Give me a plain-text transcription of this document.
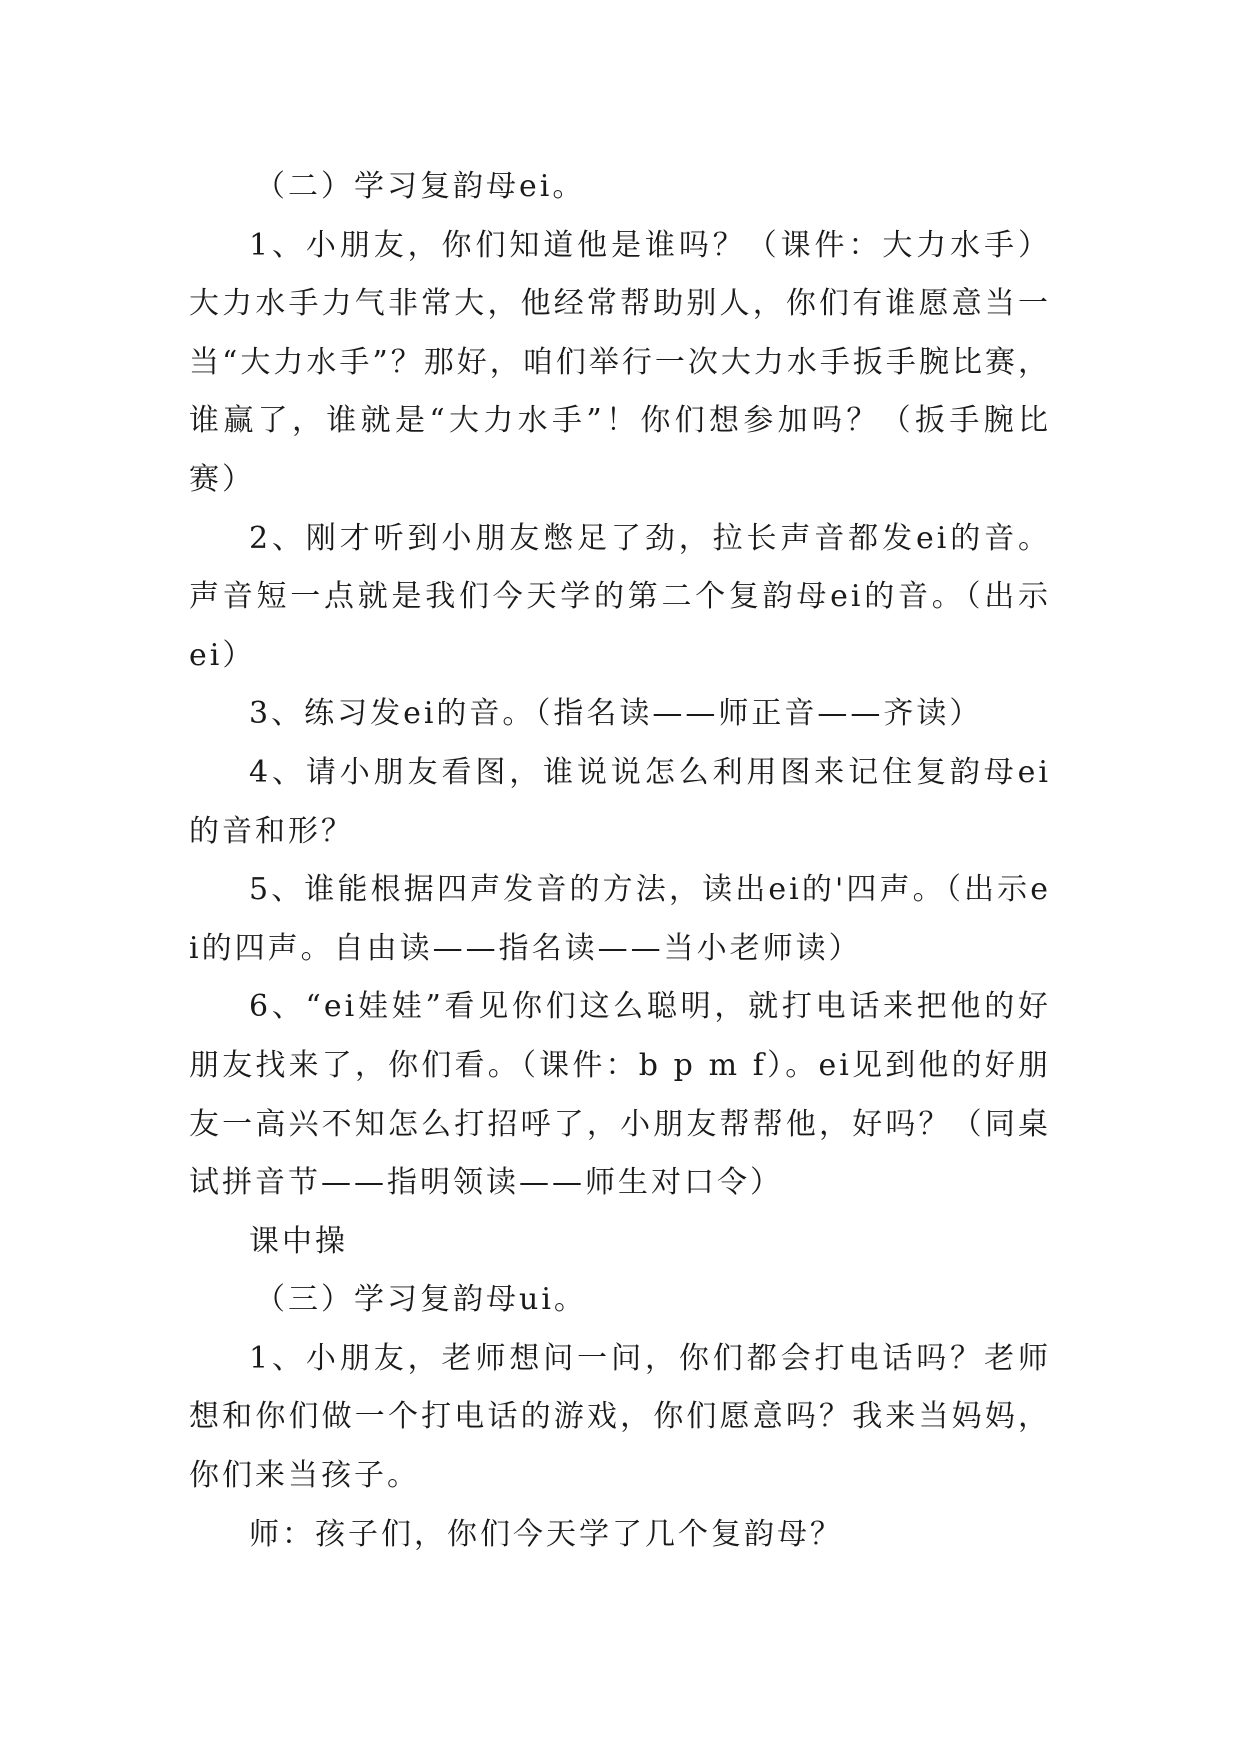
（二）学习复韵母ei。

1、小朋友，你们知道他是谁吗？（课件：大力水手）大力水手力气非常大，他经常帮助别人，你们有谁愿意当一当“大力水手”？那好，咱们举行一次大力水手扳手腕比赛，谁赢了，谁就是“大力水手”！你们想参加吗？（扳手腕比赛）

2、刚才听到小朋友憋足了劲，拉长声音都发ei的音。声音短一点就是我们今天学的第二个复韵母ei的音。（出示ei）

3、练习发ei的音。（指名读——师正音——齐读）

4、请小朋友看图，谁说说怎么利用图来记住复韵母ei的音和形？

5、谁能根据四声发音的方法，读出ei的'四声。（出示ei的四声。自由读——指名读——当小老师读）

6、“ei娃娃”看见你们这么聪明，就打电话来把他的好朋友找来了，你们看。（课件：b p m f）。ei见到他的好朋友一高兴不知怎么打招呼了，小朋友帮帮他，好吗？（同桌试拼音节——指明领读——师生对口令）

课中操

（三）学习复韵母ui。

1、小朋友，老师想问一问，你们都会打电话吗？老师想和你们做一个打电话的游戏，你们愿意吗？我来当妈妈，你们来当孩子。

师：孩子们，你们今天学了几个复韵母？
